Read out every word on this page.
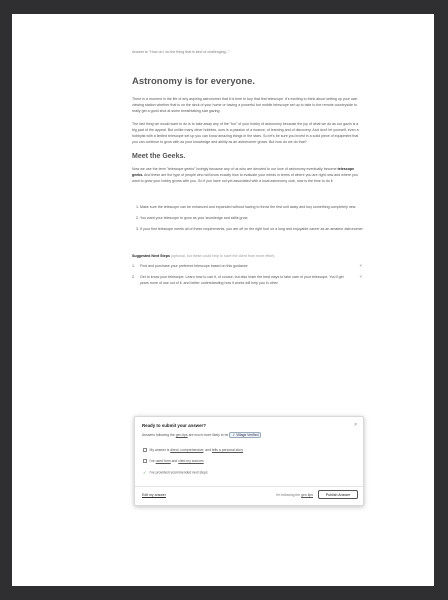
Answer to "How do I do the thing that is kind of challenging..."
Astronomy is for everyone.

There is a moment in the life of any aspiring astronomer that it is time to buy that first telescope. It's exciting to think about setting up your own viewing station whether that is on the deck of your home or having a powerful but mobile telescope set up to take to the remote countryside to really get a good shot at some breathtaking star gazing.

The last thing we would want to do is to take away any of the "fun" of your hobby of astronomy because the joy of what we do as our gazin is a big part of the appeal. But unlike many other hobbies, ours is a passion of a nuance, of learning and of discovery. And don't let yourself, even a hobbyist with a limited telescope set up you can know amazing things in the stars. So let's be sure you invest in a solid piece of equipment that you can continue to grow with as your knowledge and ability as an astronomer grows. But how do we do that?

Meet the Geeks.

Now we use the term "telescope geeks" lovingly because any of us who are devoted to our love of astronomy eventually become telescope geeks. And these are the type of people who will know exactly how to evaluate your needs in terms of where you are right now and where you want to grow your hobby grows with you. So if you have not yet associated with a local astronomy club, now is the time to do it.

1. Make sure the telescope can be enhanced and expanded without having to throw the first unit away and buy something completely new.
2. You want your telescope to grow as your knowledge and skills grow.
3. If your first telescope meets all of these requirements, you are off on the right foot on a long and enjoyable career as an amateur astronomer.
Suggested Next Steps (optional, but these could help to save the client from more effort)
1. Find and purchase your preferred telescope based on this guidance	×
2. Get to know your telescope. Learn how to use it, of course, but also learn the best ways to take care of your telescope. You'll get years more of use out of it, and better understanding how it works will help you in other
×
Ready to submit your answer?	×
Answers following the geo tips are much more likely to be ✓ Village Verified
My answer is direct, comprehensive, and tells a personal story
I've used form and cited my sources
✓ I've provided recommended next steps
Edit my answer	I'm following the geo tips	Publish Answer
